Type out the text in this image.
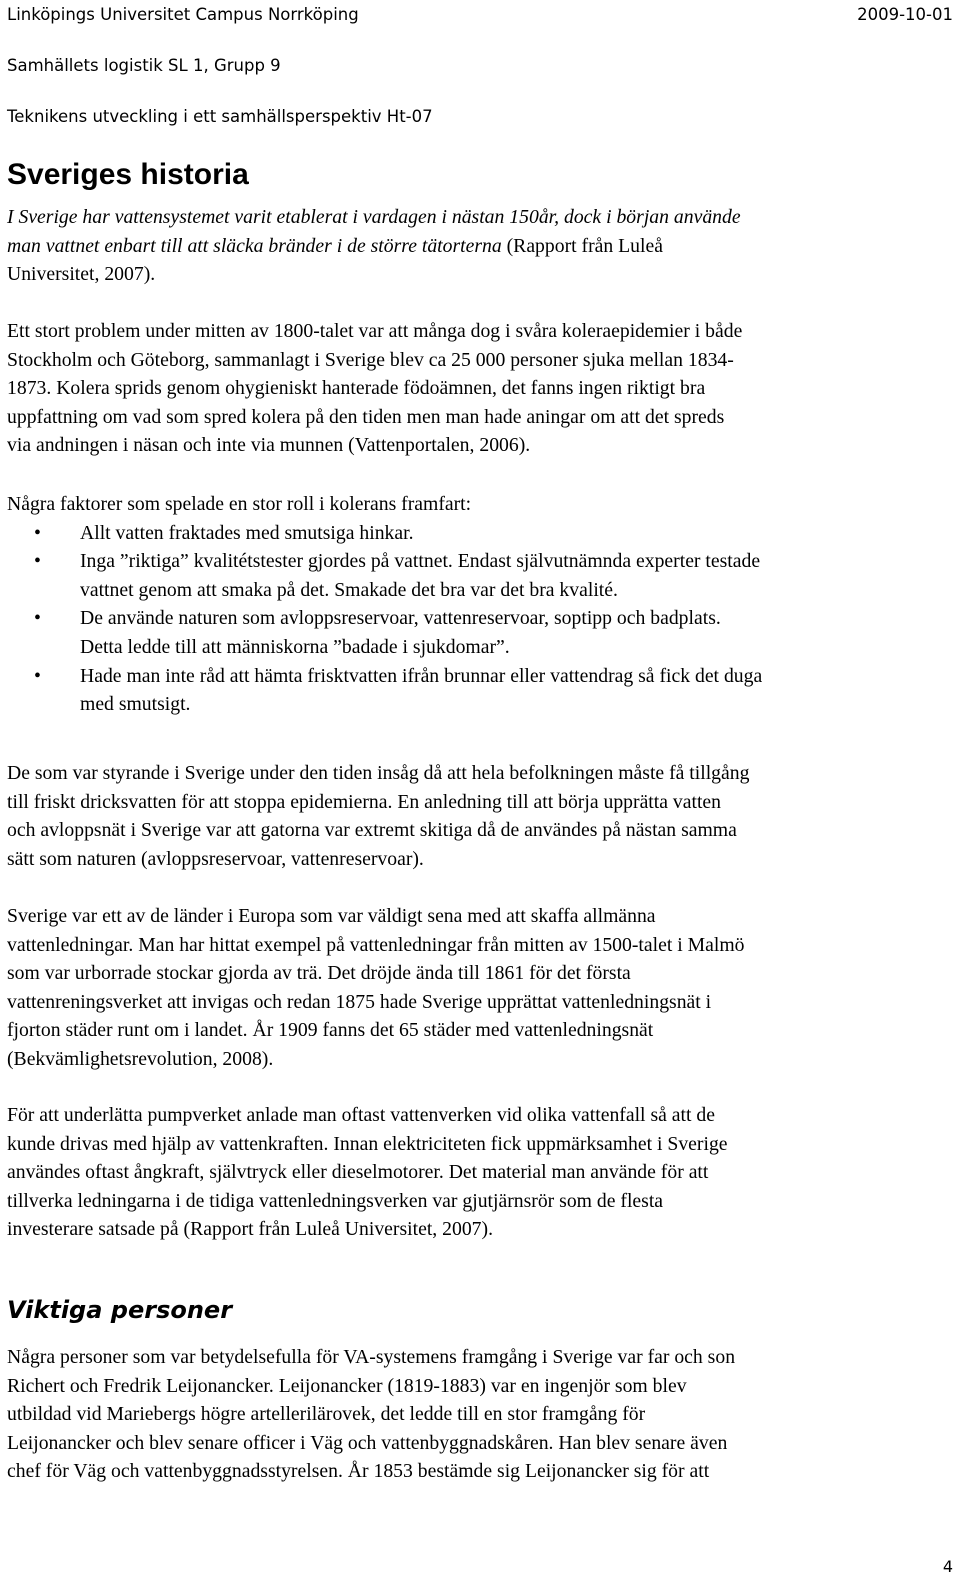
Linköpings Universitet Campus Norrköping	2009-10-01
Samhällets logistik SL 1, Grupp 9
Teknikens utveckling i ett samhällsperspektiv Ht-07
Sveriges historia
I Sverige har vattensystemet varit etablerat i vardagen i nästan 150år, dock i början använde
man vattnet enbart till att släcka bränder i de större tätorterna (Rapport från Luleå
Universitet, 2007).
Ett stort problem under mitten av 1800-talet var att många dog i svåra koleraepidemier i både
Stockholm och Göteborg, sammanlagt i Sverige blev ca 25 000 personer sjuka mellan 1834-
1873. Kolera sprids genom ohygieniskt hanterade födoämnen, det fanns ingen riktigt bra
uppfattning om vad som spred kolera på den tiden men man hade aningar om att det spreds
via andningen i näsan och inte via munnen (Vattenportalen, 2006).
Några faktorer som spelade en stor roll i kolerans framfart:
• Allt vatten fraktades med smutsiga hinkar.
• Inga ”riktiga” kvalitétstester gjordes på vattnet. Endast självutnämnda experter testade
vattnet genom att smaka på det. Smakade det bra var det bra kvalité.
• De använde naturen som avloppsreservoar, vattenreservoar, soptipp och badplats.
Detta ledde till att människorna ”badade i sjukdomar”.
• Hade man inte råd att hämta frisktvatten ifrån brunnar eller vattendrag så fick det duga
med smutsigt.
De som var styrande i Sverige under den tiden insåg då att hela befolkningen måste få tillgång
till friskt dricksvatten för att stoppa epidemierna. En anledning till att börja upprätta vatten
och avloppsnät i Sverige var att gatorna var extremt skitiga då de användes på nästan samma
sätt som naturen (avloppsreservoar, vattenreservoar).
Sverige var ett av de länder i Europa som var väldigt sena med att skaffa allmänna
vattenledningar. Man har hittat exempel på vattenledningar från mitten av 1500-talet i Malmö
som var urborrade stockar gjorda av trä. Det dröjde ända till 1861 för det första
vattenreningsverket att invigas och redan 1875 hade Sverige upprättat vattenledningsnät i
fjorton städer runt om i landet. År 1909 fanns det 65 städer med vattenledningsnät
(Bekvämlighetsrevolution, 2008).
För att underlätta pumpverket anlade man oftast vattenverken vid olika vattenfall så att de
kunde drivas med hjälp av vattenkraften. Innan elektriciteten fick uppmärksamhet i Sverige
användes oftast ångkraft, självtryck eller dieselmotorer. Det material man använde för att
tillverka ledningarna i de tidiga vattenledningsverken var gjutjärnsrör som de flesta
investerare satsade på (Rapport från Luleå Universitet, 2007).
Viktiga personer
Några personer som var betydelsefulla för VA-systemens framgång i Sverige var far och son
Richert och Fredrik Leijonancker. Leijonancker (1819-1883) var en ingenjör som blev
utbildad vid Mariebergs högre artellerilärovek, det ledde till en stor framgång för
Leijonancker och blev senare officer i Väg och vattenbyggnadskåren. Han blev senare även
chef för Väg och vattenbyggnadsstyrelsen. År 1853 bestämde sig Leijonancker sig för att
4
